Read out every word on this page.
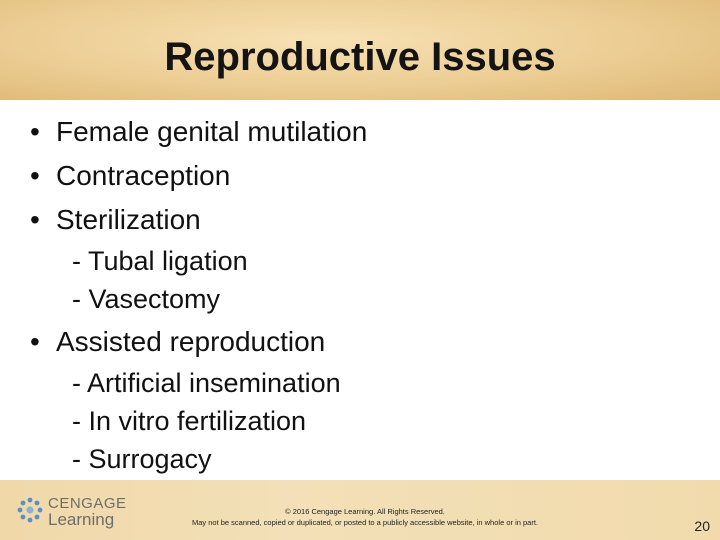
Reproductive Issues
• Female genital mutilation
• Contraception
• Sterilization
- Tubal ligation
- Vasectomy
• Assisted reproduction
- Artificial insemination
- In vitro fertilization
- Surrogacy
CENGAGE
Learning	© 2016 Cengage Learning. All Rights Reserved.
May not be scanned, copied or duplicated, or posted to a publicly accessible website, in whole or in part.	20
